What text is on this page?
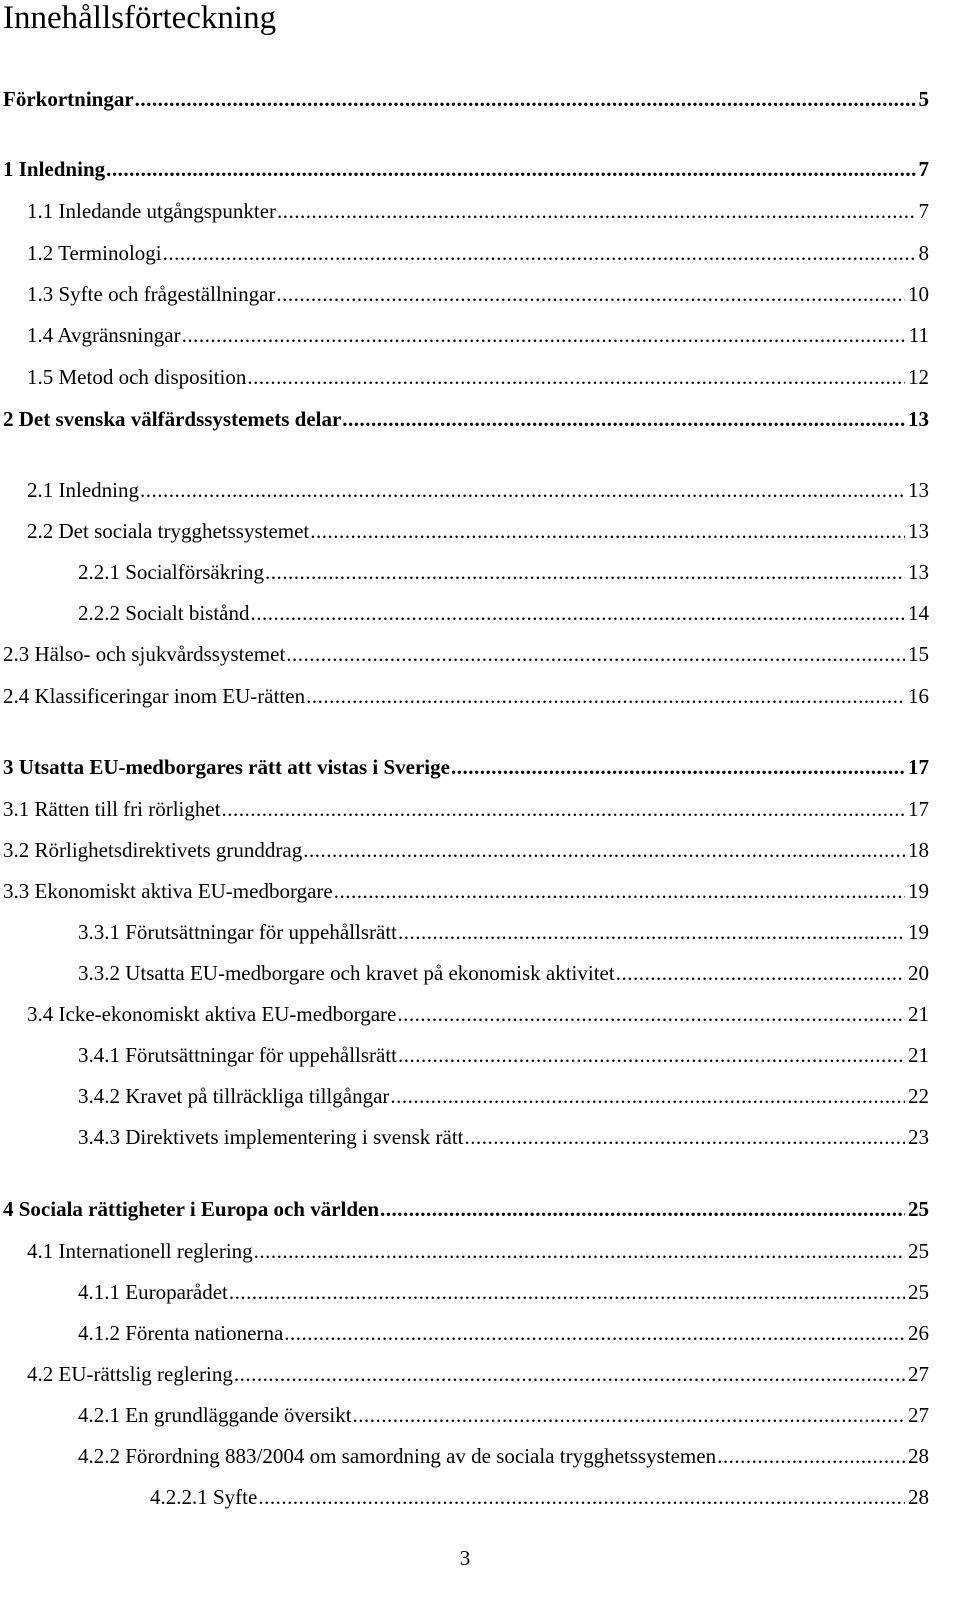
Innehållsförteckning
Förkortningar .....	5
1 Inledning .....	7
1.1 Inledande utgångspunkter .....	7
1.2 Terminologi .....	8
1.3 Syfte och frågeställningar .....	10
1.4 Avgränsningar .....	11
1.5 Metod och disposition .....	12
2 Det svenska välfärdssystemets delar .....	13
2.1 Inledning .....	13
2.2 Det sociala trygghetssystemet .....	13
2.2.1 Socialförsäkring .....	13
2.2.2 Socialt bistånd .....	14
2.3 Hälso- och sjukvårdssystemet .....	15
2.4 Klassificeringar inom EU-rätten .....	16
3 Utsatta EU-medborgares rätt att vistas i Sverige .....	17
3.1 Rätten till fri rörlighet .....	17
3.2 Rörlighetsdirektivets grunddrag .....	18
3.3 Ekonomiskt aktiva EU-medborgare .....	19
3.3.1 Förutsättningar för uppehållsrätt .....	19
3.3.2 Utsatta EU-medborgare och kravet på ekonomisk aktivitet .....	20
3.4 Icke-ekonomiskt aktiva EU-medborgare .....	21
3.4.1 Förutsättningar för uppehållsrätt .....	21
3.4.2 Kravet på tillräckliga tillgångar .....	22
3.4.3 Direktivets implementering i svensk rätt .....	23
4 Sociala rättigheter i Europa och världen .....	25
4.1 Internationell reglering .....	25
4.1.1 Europarådet .....	25
4.1.2 Förenta nationerna .....	26
4.2 EU-rättslig reglering .....	27
4.2.1 En grundläggande översikt .....	27
4.2.2 Förordning 883/2004 om samordning av de sociala trygghetssystemen .....	28
4.2.2.1 Syfte .....	28
3
